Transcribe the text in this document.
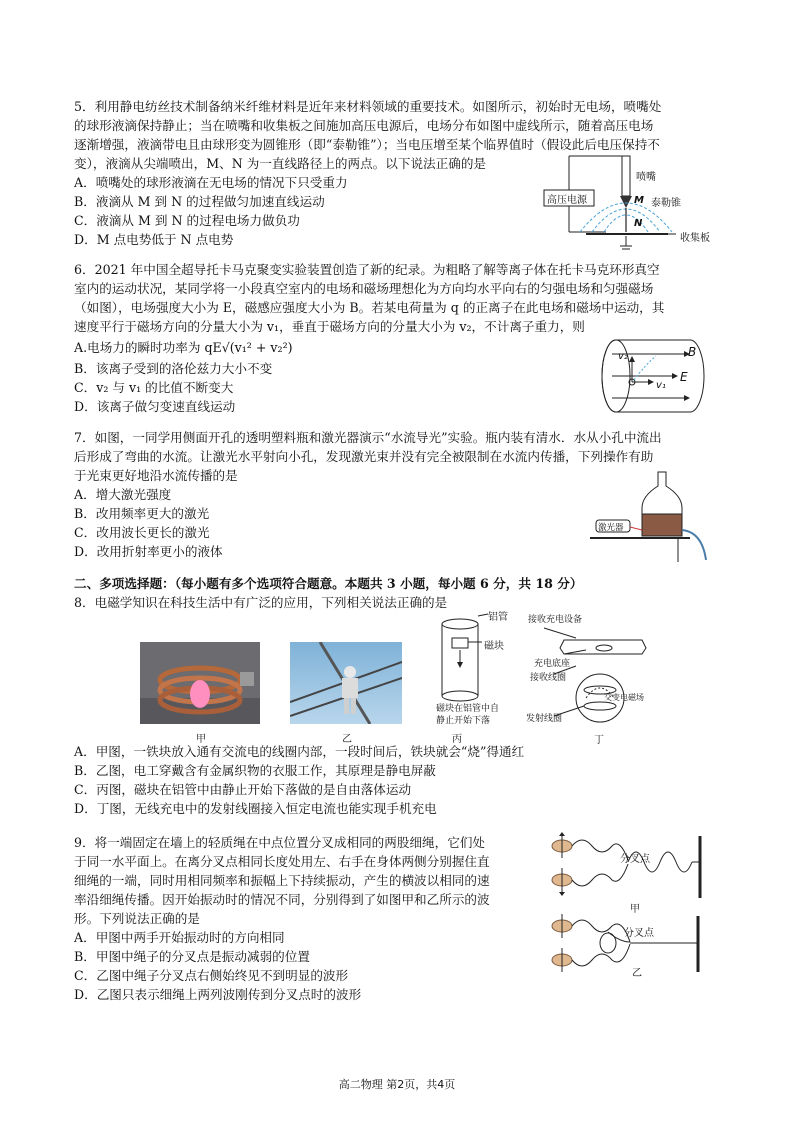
5．利用静电纺丝技术制备纳米纤维材料是近年来材料领域的重要技术。如图所示，初始时无电场，喷嘴处
的球形液滴保持静止；当在喷嘴和收集板之间施加高压电源后，电场分布如图中虚线所示，随着高压电场
逐渐增强，液滴带电且由球形变为圆锥形（即“泰勒锥”）；当电压增至某个临界值时（假设此后电压保持不
变），液滴从尖端喷出，M、N 为一直线路径上的两点。以下说法正确的是
A．喷嘴处的球形液滴在无电场的情况下只受重力
B．液滴从 M 到 N 的过程做匀加速直线运动
C．液滴从 M 到 N 的过程电场力做负功
D．M 点电势低于 N 点电势
高压电源
喷嘴
泰勒锥
M
N
收集板
6．2021 年中国全超导托卡马克聚变实验装置创造了新的纪录。为粗略了解等离子体在托卡马克环形真空
室内的运动状况，某同学将一小段真空室内的电场和磁场理想化为方向均水平向右的匀强电场和匀强磁场
（如图），电场强度大小为 E，磁感应强度大小为 B。若某电荷量为 q 的正离子在此电场和磁场中运动，其
速度平行于磁场方向的分量大小为 v₁，垂直于磁场方向的分量大小为 v₂，不计离子重力，则
A.电场力的瞬时功率为 qE√(v₁² + v₂²)
B．该离子受到的洛伦兹力大小不变
C．v₂ 与 v₁ 的比值不断变大
D．该离子做匀变速直线运动
B
E
v₂
v₁
7．如图，一同学用侧面开孔的透明塑料瓶和激光器演示“水流导光”实验。瓶内装有清水．水从小孔中流出
后形成了弯曲的水流。让激光水平射向小孔，发现激光束并没有完全被限制在水流内传播，下列操作有助
于光束更好地沿水流传播的是
A．增大激光强度
B．改用频率更大的激光
C．改用波长更长的激光
D．改用折射率更小的液体
激光器
二、多项选择题：（每小题有多个选项符合题意。本题共 3 小题，每小题 6 分，共 18 分）
8．电磁学知识在科技生活中有广泛的应用，下列相关说法正确的是
甲	乙
铝管
磁块
磁块在铝管中自
静止开始下落
丙
接收充电设备
充电底座
接收线圈
交变电磁场
发射线圈
丁
A．甲图，一铁块放入通有交流电的线圈内部，一段时间后，铁块就会“烧”得通红
B．乙图，电工穿戴含有金属织物的衣服工作，其原理是静电屏蔽
C．丙图，磁块在铝管中由静止开始下落做的是自由落体运动
D．丁图，无线充电中的发射线圈接入恒定电流也能实现手机充电
9．将一端固定在墙上的轻质绳在中点位置分叉成相同的两股细绳，它们处
于同一水平面上。在离分叉点相同长度处用左、右手在身体两侧分别握住直
细绳的一端，同时用相同频率和振幅上下持续振动，产生的横波以相同的速
率沿细绳传播。因开始振动时的情况不同，分别得到了如图甲和乙所示的波
形。下列说法正确的是
A．甲图中两手开始振动时的方向相同
B．甲图中绳子的分叉点是振动减弱的位置
C．乙图中绳子分叉点右侧始终见不到明显的波形
D．乙图只表示细绳上两列波刚传到分叉点时的波形
分叉点
甲
分叉点
乙
高二物理 第2页，共4页
